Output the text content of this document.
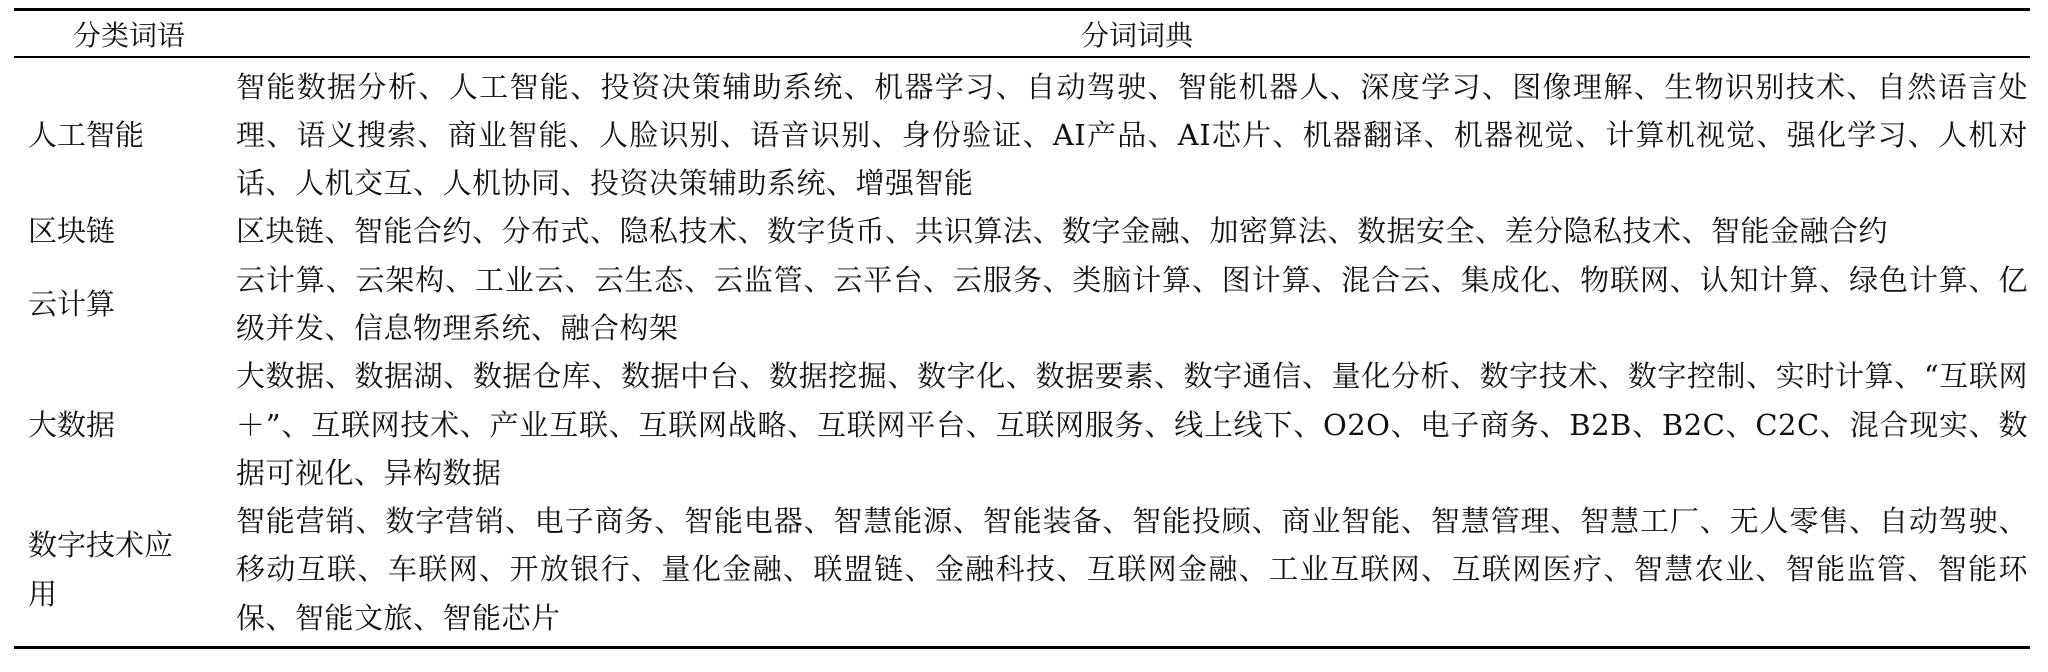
分类词语	分词词典
人工智能
智能数据分析、人工智能、投资决策辅助系统、机器学习、自动驾驶、智能机器人、深度学习、图像理解、生物识别技术、自然语言处理、语义搜索、商业智能、人脸识别、语音识别、身份验证、AI产品、AI芯片、机器翻译、机器视觉、计算机视觉、强化学习、人机对话、人机交互、人机协同、投资决策辅助系统、增强智能
区块链	区块链、智能合约、分布式、隐私技术、数字货币、共识算法、数字金融、加密算法、数据安全、差分隐私技术、智能金融合约
云计算
云计算、云架构、工业云、云生态、云监管、云平台、云服务、类脑计算、图计算、混合云、集成化、物联网、认知计算、绿色计算、亿级并发、信息物理系统、融合构架
大数据
大数据、数据湖、数据仓库、数据中台、数据挖掘、数字化、数据要素、数字通信、量化分析、数字技术、数字控制、实时计算、“互联网＋”、互联网技术、产业互联、互联网战略、互联网平台、互联网服务、线上线下、O2O、电子商务、B2B、B2C、C2C、混合现实、数据可视化、异构数据
数字技术应用
智能营销、数字营销、电子商务、智能电器、智慧能源、智能装备、智能投顾、商业智能、智慧管理、智慧工厂、无人零售、自动驾驶、移动互联、车联网、开放银行、量化金融、联盟链、金融科技、互联网金融、工业互联网、互联网医疗、智慧农业、智能监管、智能环保、智能文旅、智能芯片
